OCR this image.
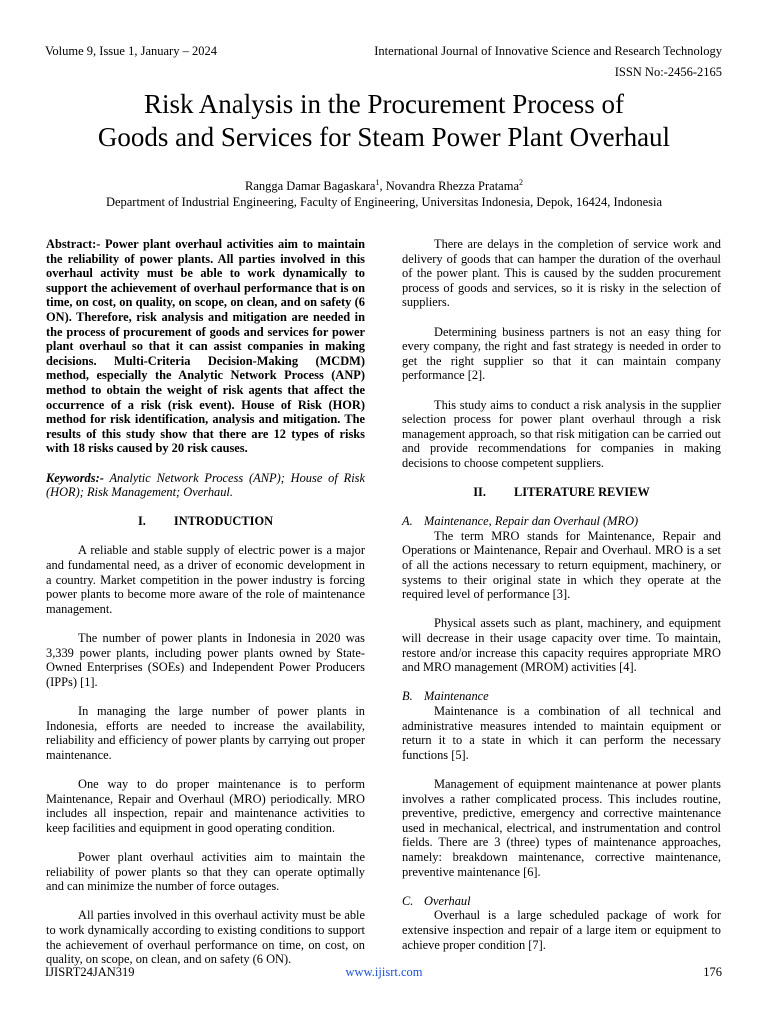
Volume 9, Issue 1, January – 2024	International Journal of Innovative Science and Research Technology
ISSN No:-2456-2165
Risk Analysis in the Procurement Process of
Goods and Services for Steam Power Plant Overhaul
Rangga Damar Bagaskara$^1$, Novandra Rhezza Pratama$^2$
Department of Industrial Engineering, Faculty of Engineering, Universitas Indonesia, Depok, 16424, Indonesia

Abstract:- Power plant overhaul activities aim to maintain the reliability of power plants. All parties involved in this overhaul activity must be able to work dynamically to support the achievement of overhaul performance that is on time, on cost, on quality, on scope, on clean, and on safety (6 ON). Therefore, risk analysis and mitigation are needed in the process of procurement of goods and services for power plant overhaul so that it can assist companies in making decisions. Multi-Criteria Decision-Making (MCDM) method, especially the Analytic Network Process (ANP) method to obtain the weight of risk agents that affect the occurrence of a risk (risk event). House of Risk (HOR) method for risk identification, analysis and mitigation. The results of this study show that there are 12 types of risks with 18 risks caused by 20 risk causes.

Keywords:- Analytic Network Process (ANP); House of Risk (HOR); Risk Management; Overhaul.

I. INTRODUCTION

A reliable and stable supply of electric power is a major and fundamental need, as a driver of economic development in a country. Market competition in the power industry is forcing power plants to become more aware of the role of maintenance management.

The number of power plants in Indonesia in 2020 was 3,339 power plants, including power plants owned by State-Owned Enterprises (SOEs) and Independent Power Producers (IPPs) [1].

In managing the large number of power plants in Indonesia, efforts are needed to increase the availability, reliability and efficiency of power plants by carrying out proper maintenance.

One way to do proper maintenance is to perform Maintenance, Repair and Overhaul (MRO) periodically. MRO includes all inspection, repair and maintenance activities to keep facilities and equipment in good operating condition.

Power plant overhaul activities aim to maintain the reliability of power plants so that they can operate optimally and can minimize the number of force outages.

All parties involved in this overhaul activity must be able to work dynamically according to existing conditions to support the achievement of overhaul performance on time, on cost, on quality, on scope, on clean, and on safety (6 ON).

There are delays in the completion of service work and delivery of goods that can hamper the duration of the overhaul of the power plant. This is caused by the sudden procurement process of goods and services, so it is risky in the selection of suppliers.

Determining business partners is not an easy thing for every company, the right and fast strategy is needed in order to get the right supplier so that it can maintain company performance [2].

This study aims to conduct a risk analysis in the supplier selection process for power plant overhaul through a risk management approach, so that risk mitigation can be carried out and provide recommendations for companies in making decisions to choose competent suppliers.

II. LITERATURE REVIEW
A. Maintenance, Repair dan Overhaul (MRO)

The term MRO stands for Maintenance, Repair and Operations or Maintenance, Repair and Overhaul. MRO is a set of all the actions necessary to return equipment, machinery, or systems to their original state in which they operate at the required level of performance [3].

Physical assets such as plant, machinery, and equipment will decrease in their usage capacity over time. To maintain, restore and/or increase this capacity requires appropriate MRO and MRO management (MROM) activities [4].

B. Maintenance

Maintenance is a combination of all technical and administrative measures intended to maintain equipment or return it to a state in which it can perform the necessary functions [5].

Management of equipment maintenance at power plants involves a rather complicated process. This includes routine, preventive, predictive, emergency and corrective maintenance used in mechanical, electrical, and instrumentation and control fields. There are 3 (three) types of maintenance approaches, namely: breakdown maintenance, corrective maintenance, preventive maintenance [6].

C. Overhaul

Overhaul is a large scheduled package of work for extensive inspection and repair of a large item or equipment to achieve proper condition [7].

IJISRT24JAN319	www.ijisrt.com	176
